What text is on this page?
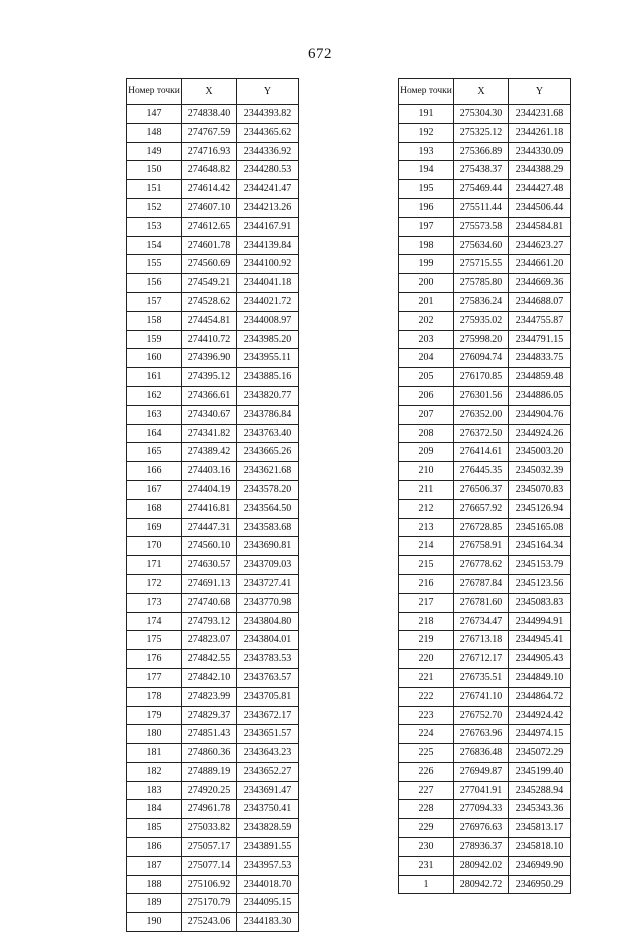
672
Номер точки	X	Y
147	274838.40	2344393.82
148	274767.59	2344365.62
149	274716.93	2344336.92
150	274648.82	2344280.53
151	274614.42	2344241.47
152	274607.10	2344213.26
153	274612.65	2344167.91
154	274601.78	2344139.84
155	274560.69	2344100.92
156	274549.21	2344041.18
157	274528.62	2344021.72
158	274454.81	2344008.97
159	274410.72	2343985.20
160	274396.90	2343955.11
161	274395.12	2343885.16
162	274366.61	2343820.77
163	274340.67	2343786.84
164	274341.82	2343763.40
165	274389.42	2343665.26
166	274403.16	2343621.68
167	274404.19	2343578.20
168	274416.81	2343564.50
169	274447.31	2343583.68
170	274560.10	2343690.81
171	274630.57	2343709.03
172	274691.13	2343727.41
173	274740.68	2343770.98
174	274793.12	2343804.80
175	274823.07	2343804.01
176	274842.55	2343783.53
177	274842.10	2343763.57
178	274823.99	2343705.81
179	274829.37	2343672.17
180	274851.43	2343651.57
181	274860.36	2343643.23
182	274889.19	2343652.27
183	274920.25	2343691.47
184	274961.78	2343750.41
185	275033.82	2343828.59
186	275057.17	2343891.55
187	275077.14	2343957.53
188	275106.92	2344018.70
189	275170.79	2344095.15
190	275243.06	2344183.30
Номер точки	X	Y
191	275304.30	2344231.68
192	275325.12	2344261.18
193	275366.89	2344330.09
194	275438.37	2344388.29
195	275469.44	2344427.48
196	275511.44	2344506.44
197	275573.58	2344584.81
198	275634.60	2344623.27
199	275715.55	2344661.20
200	275785.80	2344669.36
201	275836.24	2344688.07
202	275935.02	2344755.87
203	275998.20	2344791.15
204	276094.74	2344833.75
205	276170.85	2344859.48
206	276301.56	2344886.05
207	276352.00	2344904.76
208	276372.50	2344924.26
209	276414.61	2345003.20
210	276445.35	2345032.39
211	276506.37	2345070.83
212	276657.92	2345126.94
213	276728.85	2345165.08
214	276758.91	2345164.34
215	276778.62	2345153.79
216	276787.84	2345123.56
217	276781.60	2345083.83
218	276734.47	2344994.91
219	276713.18	2344945.41
220	276712.17	2344905.43
221	276735.51	2344849.10
222	276741.10	2344864.72
223	276752.70	2344924.42
224	276763.96	2344974.15
225	276836.48	2345072.29
226	276949.87	2345199.40
227	277041.91	2345288.94
228	277094.33	2345343.36
229	276976.63	2345813.17
230	278936.37	2345818.10
231	280942.02	2346949.90
1	280942.72	2346950.29
